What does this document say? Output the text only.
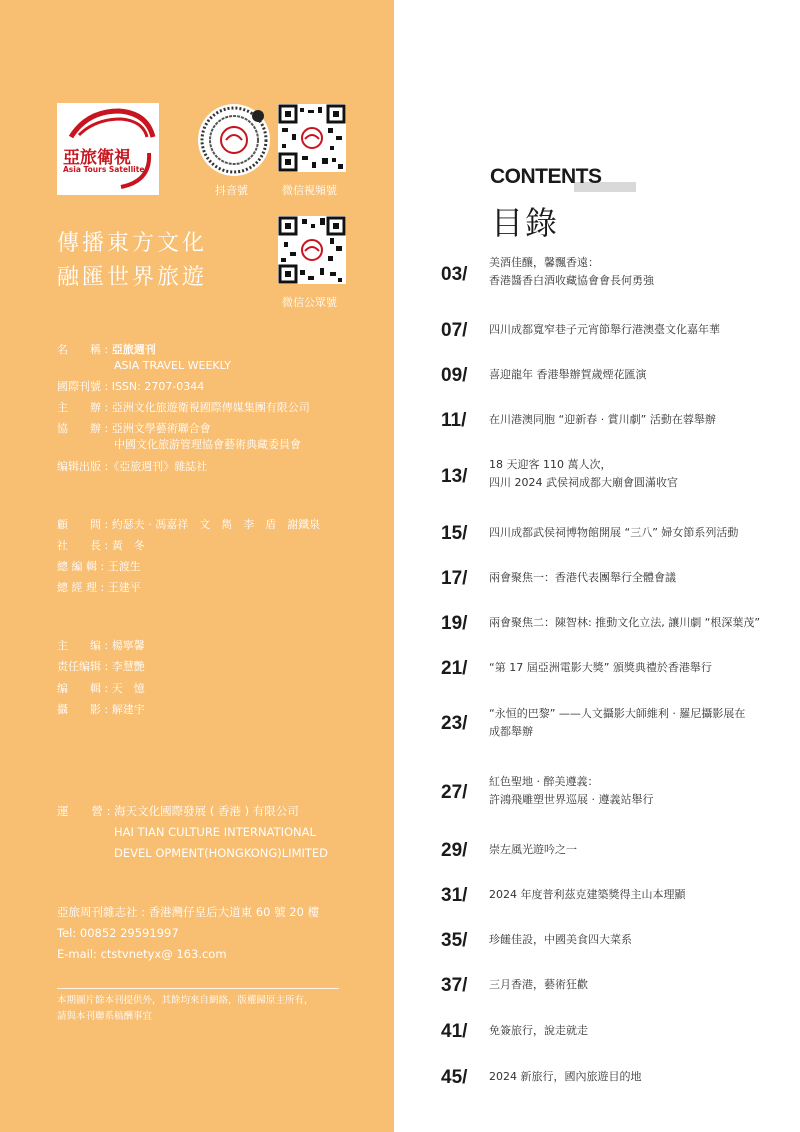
亞旅衛視
Asia Tours Satellite
抖音號	微信視頻號
微信公眾號
傳播東方文化
融匯世界旅遊
名　　稱 : 亞旅週刊
ASIA TRAVEL WEEKLY
國際刊號 : ISSN: 2707-0344
主　　辦 : 亞洲文化旅遊衛視國際傳媒集團有限公司
協　　辦 : 亞洲文學藝術聯合會
中國文化旅游管理協會藝術典藏委員會
编辑出版 :《亞旅週刊》雜誌社
顧　　問 : 約瑟夫 · 馮嘉祥　文　雋　李　盾　謝鐵泉
社　　長 : 黃　冬
總 編 輯 : 王渡生
總 經 理 : 王建平
主　　编 : 楊寧馨
责任编辑 : 李慧艷
编　　輯 : 天　憶
攝　　影 : 解建宇
運　　營 : 海天文化國際發展 ( 香港 ) 有限公司
HAI TIAN CULTURE INTERNATIONAL
DEVEL OPMENT(HONGKONG)LIMITED
亞旅周刊雜志社 : 香港灣仔皇后大道東 60 號 20 樓
Tel: 00852 29591997
E-mail: ctstvnetyx@ 163.com
本期圖片餘本刊提供外，其餘均來自網絡，版權歸原主所有，
請與本刊聯系稿酬事宜
CONTENTS
目錄
03/
美酒佳釀，馨飄香遠：
香港醬香白酒收藏協會會長何勇強
07/ 四川成都寬窄巷子元宵節舉行港澳臺文化嘉年華
09/ 喜迎龍年 香港舉辦賀歲煙花匯演
11/ 在川港澳同胞 “迎新春 · 賞川劇” 活動在蓉舉辦
13/
18 天迎客 110 萬人次，
四川 2024 武侯祠成都大廟會圓滿收官
15/ 四川成都武侯祠博物館開展 “三八” 婦女節系列活動
17/ 兩會聚焦一：香港代表團舉行全體會議
19/ 兩會聚焦二：陳智林: 推動文化立法, 讓川劇 “根深葉茂”
21/ “第 17 屆亞洲電影大獎” 頒獎典禮於香港舉行
23/ “永恒的巴黎” ——人文攝影大師維利 · 羅尼攝影展在
成都舉辦
27/
紅色聖地 · 醉美遵義：
許鴻飛雕塑世界巡展 · 遵義站舉行
29/ 崇左風光遊吟之一
31/ 2024 年度普利茲克建築獎得主山本理顯
35/ 珍饈佳設，中國美食四大菜系
37/ 三月香港，藝術狂歡
41/ 免簽旅行，說走就走
45/ 2024 新旅行，國內旅遊目的地
